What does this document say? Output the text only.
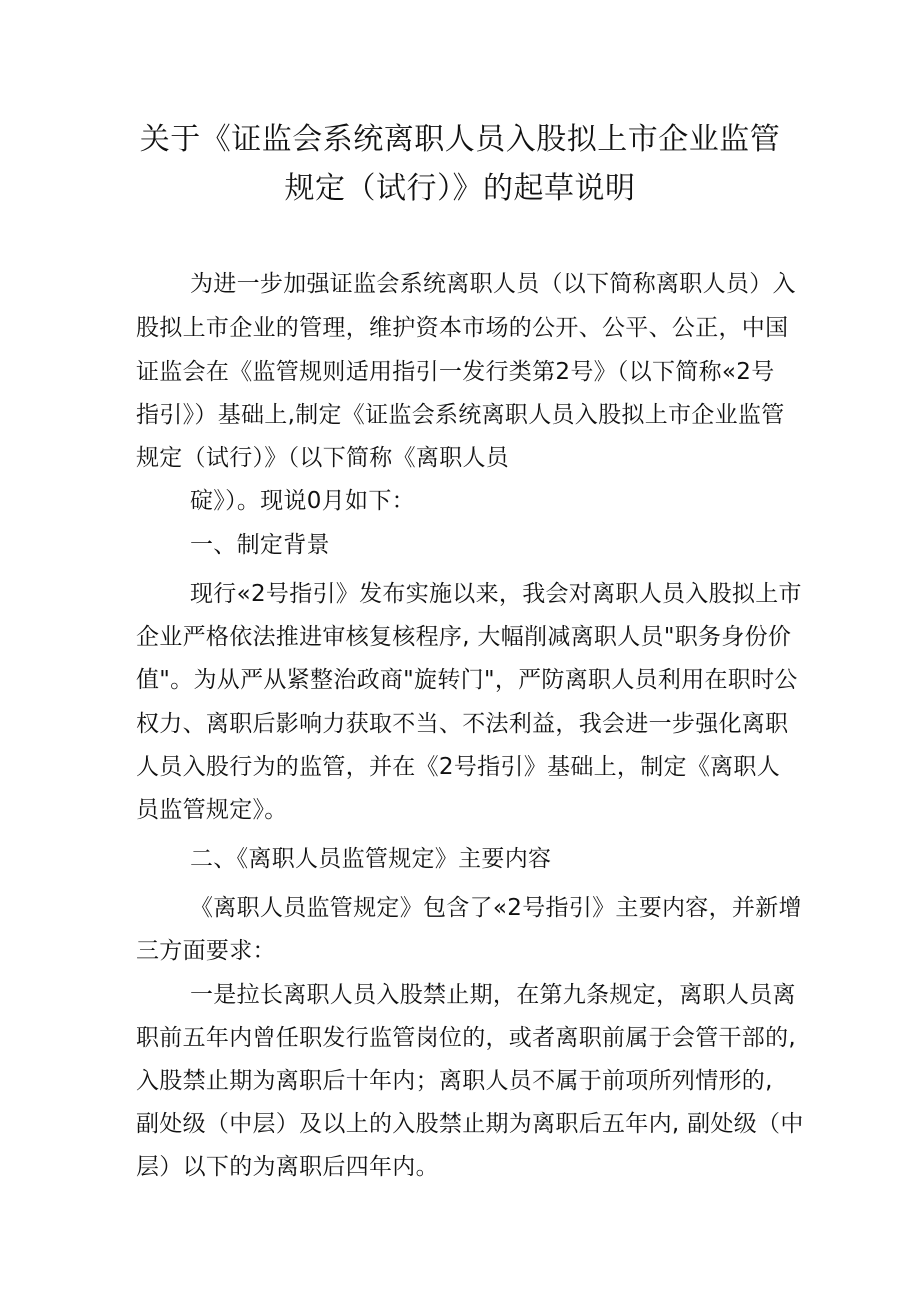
关于《证监会系统离职人员入股拟上市企业监管
规定（试行）》的起草说明
为进一步加强证监会系统离职人员（以下简称离职人员）入
股拟上市企业的管理，维护资本市场的公开、公平、公正，中国
证监会在《监管规则适用指引一发行类第2号》（以下简称«2号
指引》）基础上,制定《证监会系统离职人员入股拟上市企业监管
规定（试行）》（以下简称《离职人员
碇》）。现说0月如下：
一、制定背景
现行«2号指引》发布实施以来，我会对离职人员入股拟上市
企业严格依法推进审核复核程序, 大幅削减离职人员"职务身份价
值"。为从严从紧整治政商"旋转门"，严防离职人员利用在职时公
权力、离职后影响力获取不当、不法利益，我会进一步强化离职
人员入股行为的监管，并在《2号指引》基础上，制定《离职人
员监管规定》。
二、《离职人员监管规定》主要内容
《离职人员监管规定》包含了«2号指引》主要内容，并新增
三方面要求：
一是拉长离职人员入股禁止期，在第九条规定，离职人员离
职前五年内曾任职发行监管岗位的，或者离职前属于会管干部的,
入股禁止期为离职后十年内；离职人员不属于前项所列情形的,
副处级（中层）及以上的入股禁止期为离职后五年内, 副处级（中
层）以下的为离职后四年内。
